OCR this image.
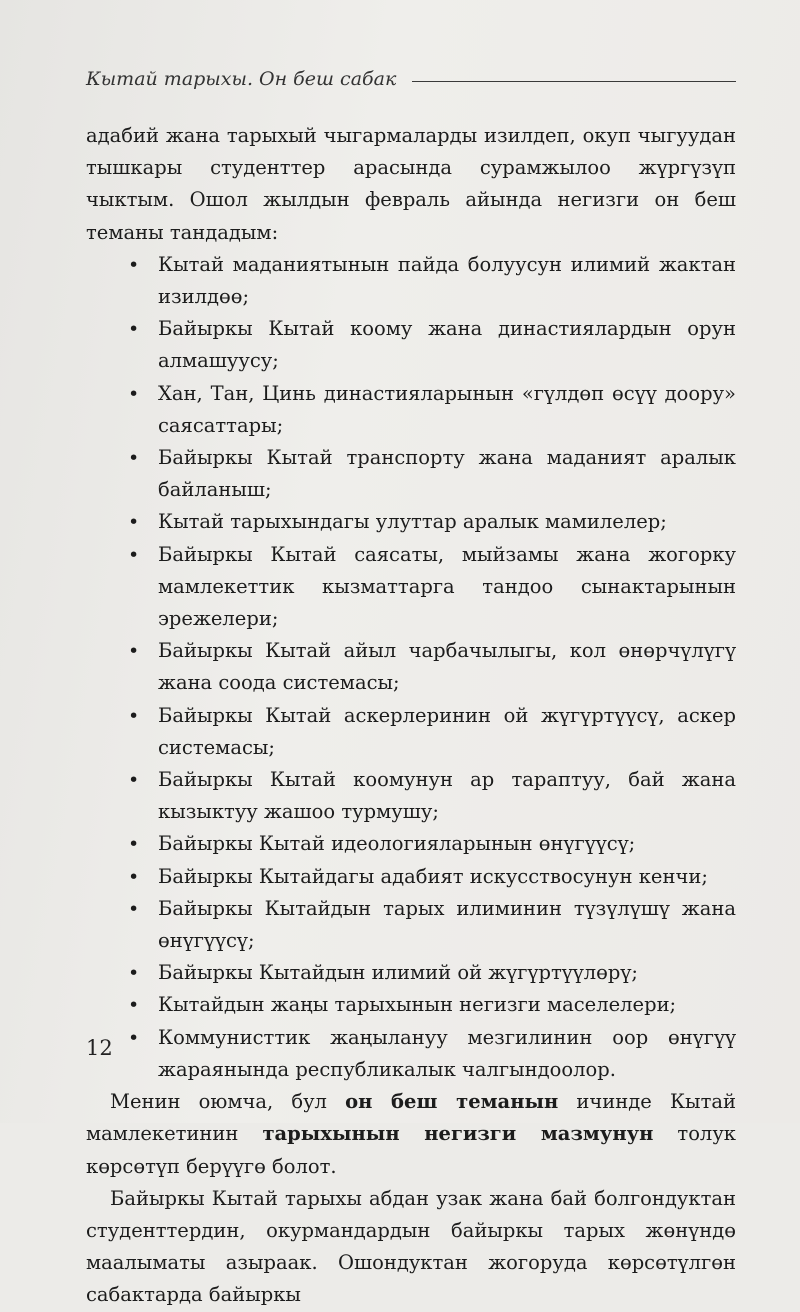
Кытай тарыхы. Он беш сабак

адабий жана тарыхый чыгармаларды изилдеп, окуп чыгуудан тышкары студенттер арасында сурамжылоо жүргүзүп чыктым. Ошол жылдын февраль айында негизги он беш теманы тандадым:

• Кытай маданиятынын пайда болуусун илимий жактан изилдөө;
• Байыркы Кытай коому жана династиялардын орун алмашуусу;
• Хан, Тан, Цинь династияларынын «гүлдөп өсүү доору» саясаттары;
• Байыркы Кытай транспорту жана маданият аралык байланыш;
• Кытай тарыхындагы улуттар аралык мамилелер;
• Байыркы Кытай саясаты, мыйзамы жана жогорку мамлекеттик кызматтарга тандоо сынактарынын эрежелери;
• Байыркы Кытай айыл чарбачылыгы, кол өнөрчүлүгү жана соода системасы;
• Байыркы Кытай аскерлеринин ой жүгүртүүсү, аскер системасы;
• Байыркы Кытай коомунун ар тараптуу, бай жана кызыктуу жашоо турмушу;
• Байыркы Кытай идеологияларынын өнүгүүсү;
• Байыркы Кытайдагы адабият искусствосунун кенчи;
• Байыркы Кытайдын тарых илиминин түзүлүшү жана өнүгүүсү;
• Байыркы Кытайдын илимий ой жүгүртүүлөрү;
• Кытайдын жаңы тарыхынын негизги маселелери;
• Коммунисттик жаңылануу мезгилинин оор өнүгүү жараянында республикалык чалгындоолор.

Менин оюмча, бул он беш теманын ичинде Кытай мамлекетинин тарыхынын негизги мазмунун толук көрсөтүп берүүгө болот.

Байыркы Кытай тарыхы абдан узак жана бай болгондуктан студенттердин, окурмандардын байыркы тарых жөнүндө маалыматы азыраак. Ошондуктан жогоруда көрсөтүлгөн сабактарда байыркы

12
